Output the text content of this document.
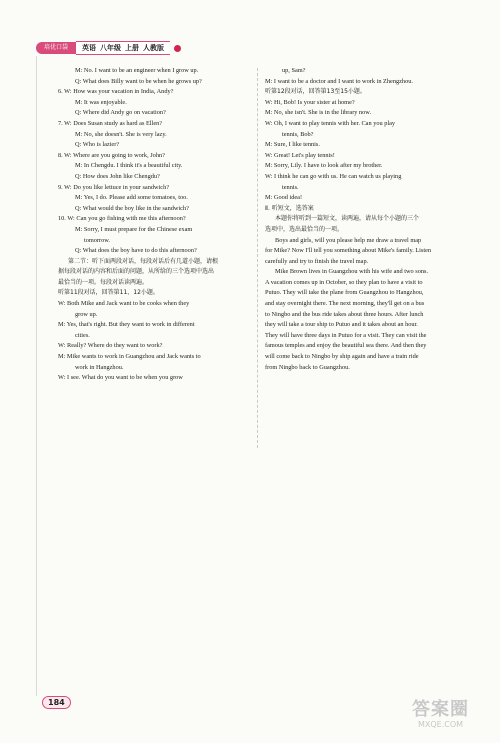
培优口袋	英语 八年级 上册 人教版
M: No. I want to be an engineer when I grow up.
Q: What does Billy want to be when he grows up?
6. W: How was your vacation in India, Andy?
M: It was enjoyable.
Q: Where did Andy go on vacation?
7. W: Does Susan study as hard as Ellen?
M: No, she doesn't. She is very lazy.
Q: Who is lazier?
8. W: Where are you going to work, John?
M: In Chengdu. I think it's a beautiful city.
Q: How does John like Chengdu?
9. W: Do you like lettuce in your sandwich?
M: Yes, I do. Please add some tomatoes, too.
Q: What would the boy like in the sandwich?
10. W: Can you go fishing with me this afternoon?
M: Sorry, I must prepare for the Chinese exam
tomorrow.
Q: What does the boy have to do this afternoon?
第二节：听下面两段对话，每段对话后有几道小题，请根
据每段对话的内容和后面的问题，从所给的三个选项中选出
最恰当的一项。每段对话读两遍。
听第11段对话，回答第11、12小题。
W: Both Mike and Jack want to be cooks when they
grow up.
M: Yes, that's right. But they want to work in different
cities.
W: Really? Where do they want to work?
M: Mike wants to work in Guangzhou and Jack wants to
work in Hangzhou.
W: I see. What do you want to be when you grow
up, Sam?
M: I want to be a doctor and I want to work in Zhengzhou.
听第12段对话，回答第13至15小题。
W: Hi, Bob! Is your sister at home?
M: No, she isn't. She is in the library now.
W: Oh, I want to play tennis with her. Can you play
tennis, Bob?
M: Sure, I like tennis.
W: Great! Let's play tennis!
M: Sorry, Lily. I have to look after my brother.
W: I think he can go with us. He can watch us playing
tennis.
M: Good idea!
Ⅱ. 听短文，选答案
本题你将听到一篇短文，读两遍，请从每个小题的三个
选项中，选出最恰当的一项。
Boys and girls, will you please help me draw a travel map
for Mike? Now I'll tell you something about Mike's family. Listen
carefully and try to finish the travel map.
Mike Brown lives in Guangzhou with his wife and two sons.
A vacation comes up in October, so they plan to have a visit to
Putuo. They will take the plane from Guangzhou to Hangzhou,
and stay overnight there. The next morning, they'll get on a bus
to Ningbo and the bus ride takes about three hours. After lunch
they will take a tour ship to Putuo and it takes about an hour.
They will have three days in Putuo for a visit. They can visit the
famous temples and enjoy the beautiful sea there. And then they
will come back to Ningbo by ship again and have a train ride
from Ningbo back to Guangzhou.
184	答案圈
MXQE.COM
